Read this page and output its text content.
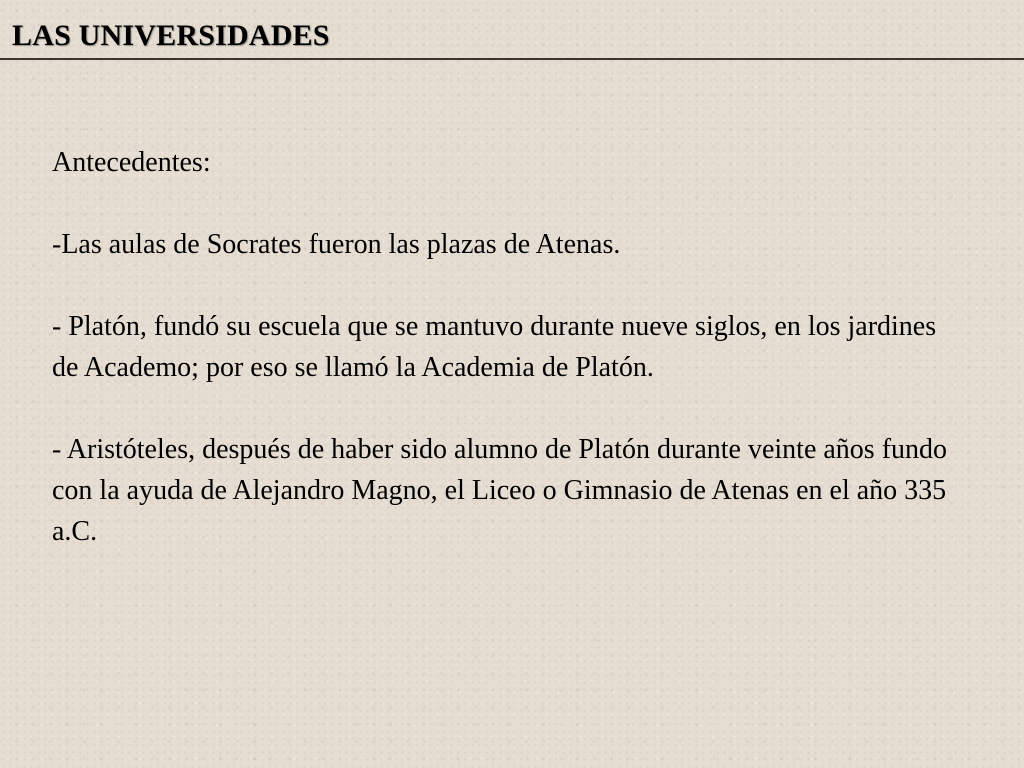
LAS UNIVERSIDADES

Antecedentes:

-Las aulas de Socrates fueron las plazas de Atenas.

- Platón, fundó su escuela que se mantuvo durante nueve siglos, en los jardines de Academo; por eso se llamó la Academia de Platón.

- Aristóteles, después de haber sido alumno de Platón durante veinte años fundo con la ayuda de Alejandro Magno, el Liceo o Gimnasio de Atenas en el año 335 a.C.
